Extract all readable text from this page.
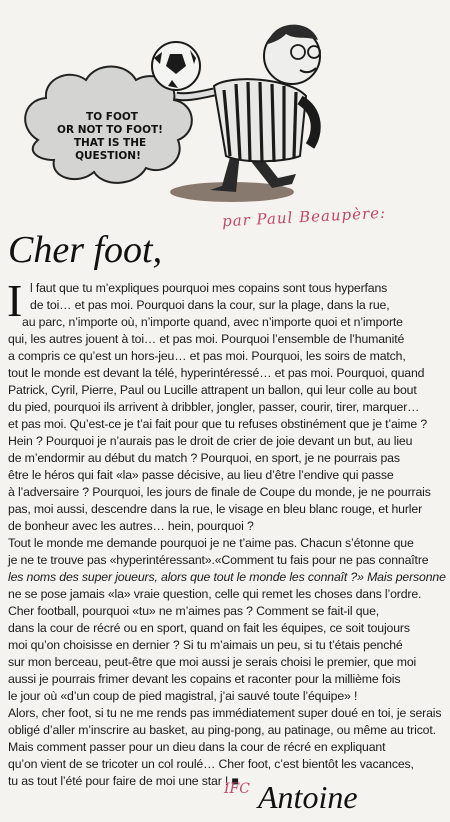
TO FOOT
OR NOT TO FOOT!
THAT IS THE
QUESTION!
par Paul Beaupère:
Cher foot,
I l faut que tu m’expliques pourquoi mes copains sont tous hyperfans
de toi… et pas moi. Pourquoi dans la cour, sur la plage, dans la rue,
au parc, n’importe où, n’importe quand, avec n’importe quoi et n’importe
qui, les autres jouent à toi… et pas moi. Pourquoi l’ensemble de l’humanité
a compris ce qu’est un hors-jeu… et pas moi. Pourquoi, les soirs de match,
tout le monde est devant la télé, hyperintéressé… et pas moi. Pourquoi, quand
Patrick, Cyril, Pierre, Paul ou Lucille attrapent un ballon, qui leur colle au bout
du pied, pourquoi ils arrivent à dribbler, jongler, passer, courir, tirer, marquer…
et pas moi. Qu’est-ce je t’ai fait pour que tu refuses obstinément que je t’aime ?
Hein ? Pourquoi je n’aurais pas le droit de crier de joie devant un but, au lieu
de m’endormir au début du match ? Pourquoi, en sport, je ne pourrais pas
être le héros qui fait «la» passe décisive, au lieu d’être l’endive qui passe
à l’adversaire ? Pourquoi, les jours de finale de Coupe du monde, je ne pourrais
pas, moi aussi, descendre dans la rue, le visage en bleu blanc rouge, et hurler
de bonheur avec les autres… hein, pourquoi ?
Tout le monde me demande pourquoi je ne t’aime pas. Chacun s’étonne que
je ne te trouve pas «hyperintéressant».«Comment tu fais pour ne pas connaître
les noms des super joueurs, alors que tout le monde les connaît ?» Mais personne
ne se pose jamais «la» vraie question, celle qui remet les choses dans l’ordre.
Cher football, pourquoi «tu» ne m’aimes pas ? Comment se fait-il que,
dans la cour de récré ou en sport, quand on fait les équipes, ce soit toujours
moi qu’on choisisse en dernier ? Si tu m’aimais un peu, si tu t’étais penché
sur mon berceau, peut-être que moi aussi je serais choisi le premier, que moi
aussi je pourrais frimer devant les copains et raconter pour la millième fois
le jour où «d’un coup de pied magistral, j’ai sauvé toute l’équipe» !
Alors, cher foot, si tu ne me rends pas immédiatement super doué en toi, je serais
obligé d’aller m’inscrire au basket, au ping-pong, au patinage, ou même au tricot.
Mais comment passer pour un dieu dans la cour de récré en expliquant
qu’on vient de se tricoter un col roulé… Cher foot, c’est bientôt les vacances,
tu as tout l’été pour faire de moi une star ! ■
IFC Antoine
